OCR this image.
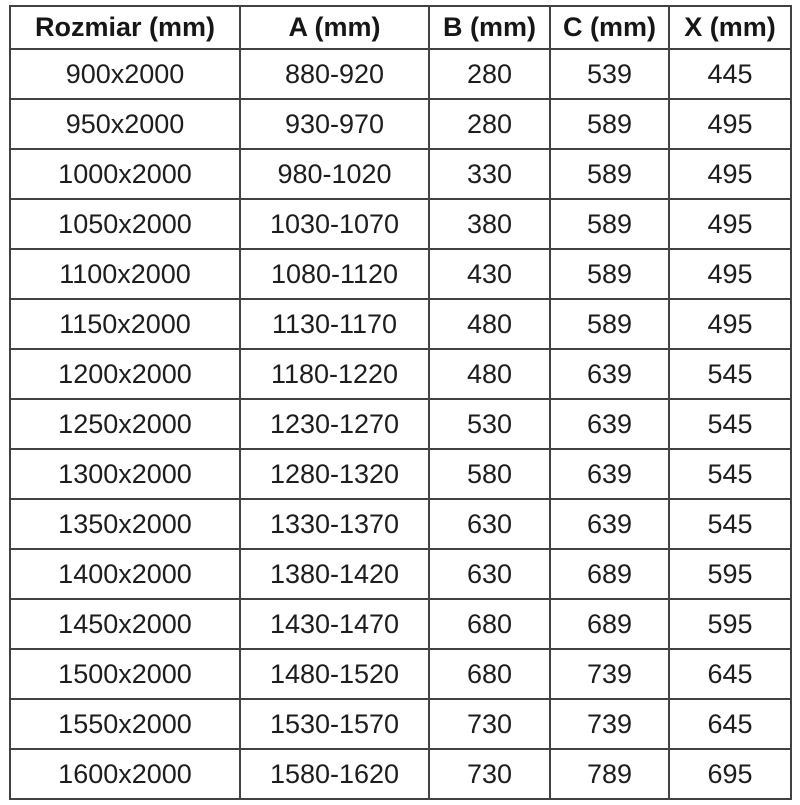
Rozmiar (mm)	A (mm)	B (mm)	C (mm)	X (mm)
900x2000	880-920	280	539	445
950x2000	930-970	280	589	495
1000x2000	980-1020	330	589	495
1050x2000	1030-1070	380	589	495
1100x2000	1080-1120	430	589	495
1150x2000	1130-1170	480	589	495
1200x2000	1180-1220	480	639	545
1250x2000	1230-1270	530	639	545
1300x2000	1280-1320	580	639	545
1350x2000	1330-1370	630	639	545
1400x2000	1380-1420	630	689	595
1450x2000	1430-1470	680	689	595
1500x2000	1480-1520	680	739	645
1550x2000	1530-1570	730	739	645
1600x2000	1580-1620	730	789	695
